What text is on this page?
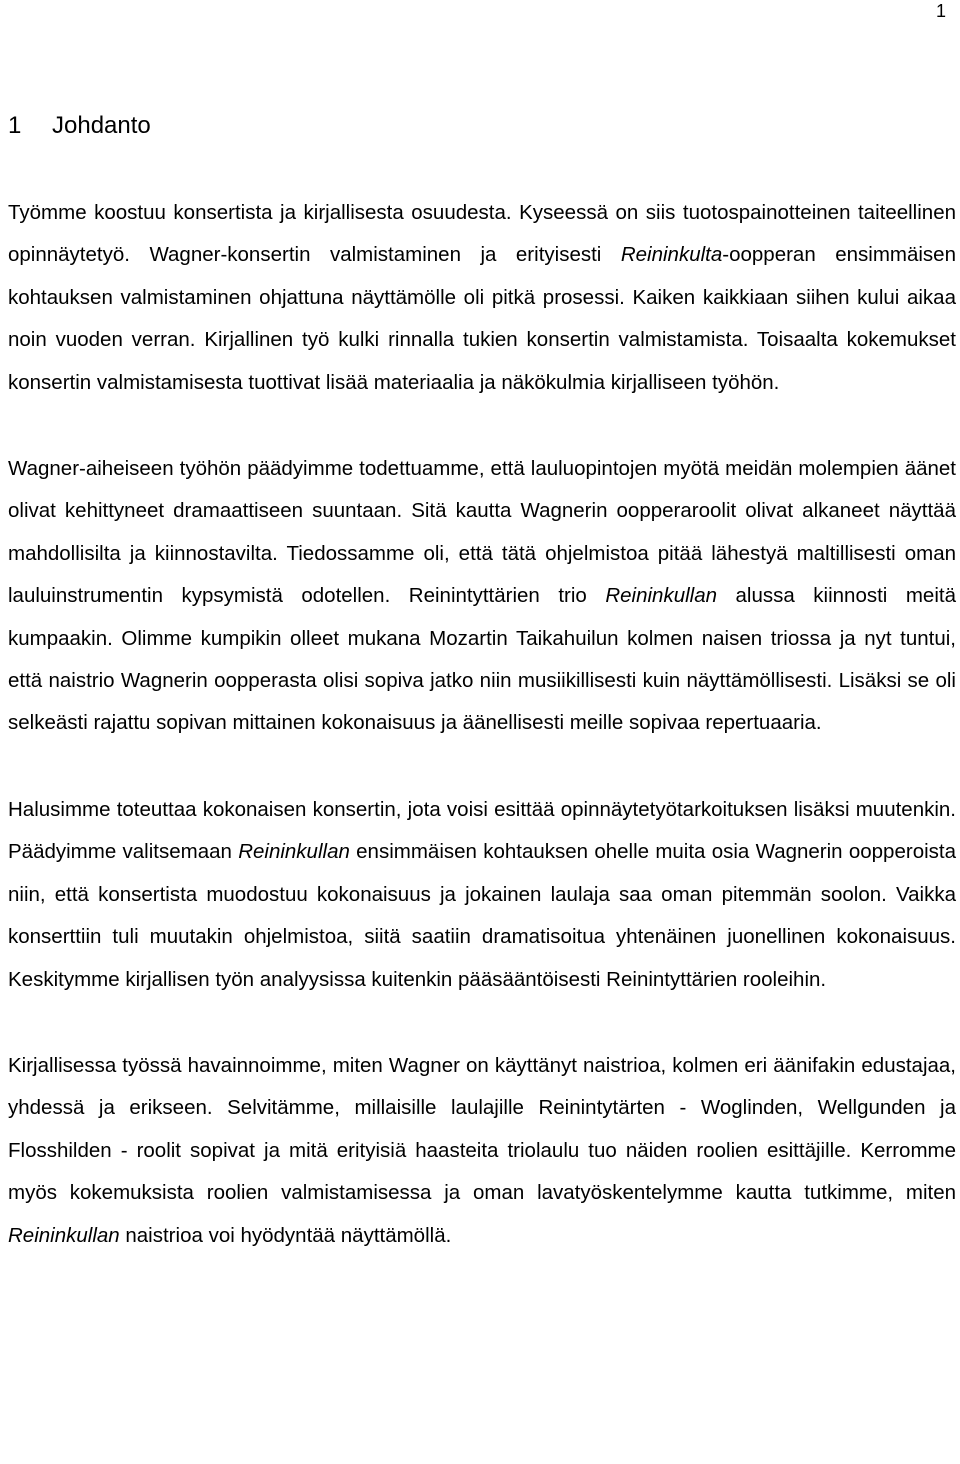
1
1 Johdanto

Työmme koostuu konsertista ja kirjallisesta osuudesta. Kyseessä on siis tuotospainotteinen taiteellinen opinnäytetyö. Wagner-konsertin valmistaminen ja erityisesti Reininkulta-oopperan ensimmäisen kohtauksen valmistaminen ohjattuna näyttämölle oli pitkä prosessi. Kaiken kaikkiaan siihen kului aikaa noin vuoden verran. Kirjallinen työ kulki rinnalla tukien konsertin valmistamista. Toisaalta kokemukset konsertin valmistamisesta tuottivat lisää materiaalia ja näkökulmia kirjalliseen työhön.

Wagner-aiheiseen työhön päädyimme todettuamme, että lauluopintojen myötä meidän molempien äänet olivat kehittyneet dramaattiseen suuntaan. Sitä kautta Wagnerin oopperaroolit olivat alkaneet näyttää mahdollisilta ja kiinnostavilta. Tiedossamme oli, että tätä ohjelmistoa pitää lähestyä maltillisesti oman lauluinstrumentin kypsymistä odotellen. Reinintyttärien trio Reininkullan alussa kiinnosti meitä kumpaakin. Olimme kumpikin olleet mukana Mozartin Taikahuilun kolmen naisen triossa ja nyt tuntui, että naistrio Wagnerin oopperasta olisi sopiva jatko niin musiikillisesti kuin näyttämöllisesti. Lisäksi se oli selkeästi rajattu sopivan mittainen kokonaisuus ja äänellisesti meille sopivaa repertuaaria.

Halusimme toteuttaa kokonaisen konsertin, jota voisi esittää opinnäytetyötarkoituksen lisäksi muutenkin. Päädyimme valitsemaan Reininkullan ensimmäisen kohtauksen ohelle muita osia Wagnerin oopperoista niin, että konsertista muodostuu kokonaisuus ja jokainen laulaja saa oman pitemmän soolon. Vaikka konserttiin tuli muutakin ohjelmistoa, siitä saatiin dramatisoitua yhtenäinen juonellinen kokonaisuus. Keskitymme kirjallisen työn analyysissa kuitenkin pääsääntöisesti Reinintyttärien rooleihin.

Kirjallisessa työssä havainnoimme, miten Wagner on käyttänyt naistrioa, kolmen eri äänifakin edustajaa, yhdessä ja erikseen. Selvitämme, millaisille laulajille Reinintytärten - Woglinden, Wellgunden ja Flosshilden - roolit sopivat ja mitä erityisiä haasteita triolaulu tuo näiden roolien esittäjille. Kerromme myös kokemuksista roolien valmistamisessa ja oman lavatyöskentelymme kautta tutkimme, miten Reininkullan naistrioa voi hyödyntää näyttämöllä.
